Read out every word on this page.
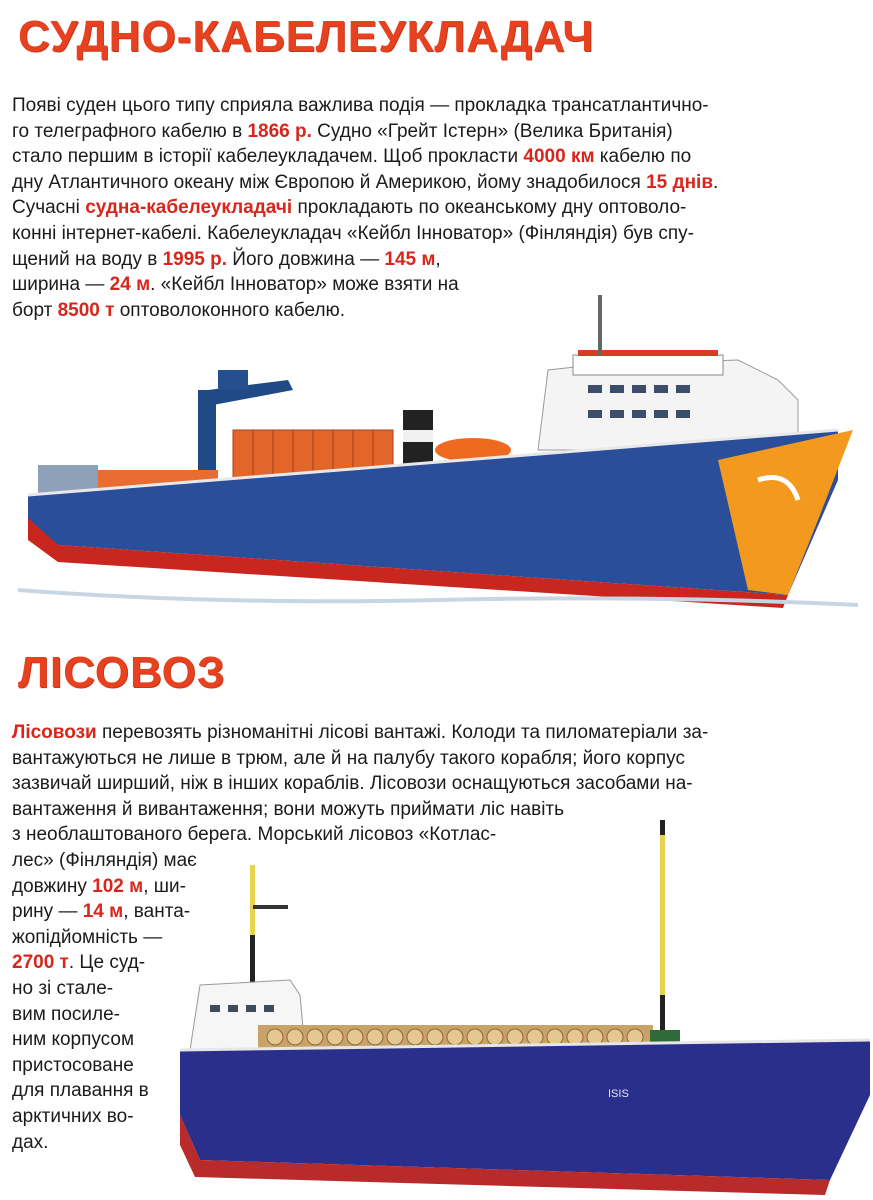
СУДНО-КАБЕЛЕУКЛАДАЧ
Появі суден цього типу сприяла важлива подія — прокладка трансатлантично-
го телеграфного кабелю в 1866 р. Судно «Грейт Істерн» (Велика Британія)
стало першим в історії кабелеукладачем. Щоб прокласти 4000 км кабелю по
дну Атлантичного океану між Європою й Америкою, йому знадобилося 15 днів.
Сучасні судна-кабелеукладачі прокладають по океанському дну оптоволо-
конні інтернет-кабелі. Кабелеукладач «Кейбл Інноватор» (Фінляндія) був спу-
щений на воду в 1995 р. Його довжина — 145 м,
ширина — 24 м. «Кейбл Інноватор» може взяти на
борт 8500 т оптоволоконного кабелю.
ЛІСОВОЗ
Лісовози перевозять різноманітні лісові вантажі. Колоди та пиломатеріали за-
вантажуються не лише в трюм, але й на палубу такого корабля; його корпус
зазвичай ширший, ніж в інших кораблів. Лісовози оснащуються засобами на-
вантаження й вивантаження; вони можуть приймати ліс навіть
з необлаштованого берега. Морський лісовоз «Котлас-
лес» (Фінляндія) має
довжину 102 м, ши-
рину — 14 м, ванта-
жопідйомність —
2700 т. Це суд-
но зі стале-
вим посиле-
ним корпусом
пристосоване
для плавання в
арктичних во-
дах.
ISIS
